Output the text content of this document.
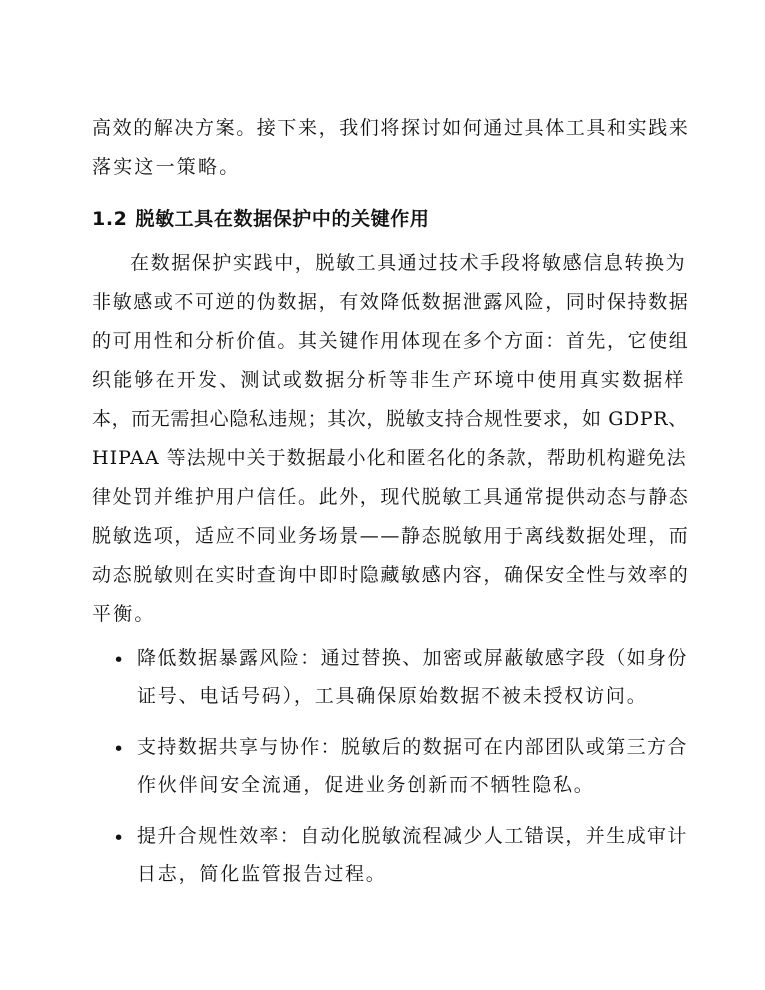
高效的解决方案。接下来，我们将探讨如何通过具体工具和实践来
落实这一策略。
1.2 脱敏工具在数据保护中的关键作用
在数据保护实践中，脱敏工具通过技术手段将敏感信息转换为
非敏感或不可逆的伪数据，有效降低数据泄露风险，同时保持数据
的可用性和分析价值。其关键作用体现在多个方面：首先，它使组
织能够在开发、测试或数据分析等非生产环境中使用真实数据样
本，而无需担心隐私违规；其次，脱敏支持合规性要求，如 GDPR、
HIPAA 等法规中关于数据最小化和匿名化的条款，帮助机构避免法
律处罚并维护用户信任。此外，现代脱敏工具通常提供动态与静态
脱敏选项，适应不同业务场景——静态脱敏用于离线数据处理，而
动态脱敏则在实时查询中即时隐藏敏感内容，确保安全性与效率的
平衡。
• 降低数据暴露风险：通过替换、加密或屏蔽敏感字段（如身份
证号、电话号码），工具确保原始数据不被未授权访问。
• 支持数据共享与协作：脱敏后的数据可在内部团队或第三方合
作伙伴间安全流通，促进业务创新而不牺牲隐私。
• 提升合规性效率：自动化脱敏流程减少人工错误，并生成审计
日志，简化监管报告过程。
